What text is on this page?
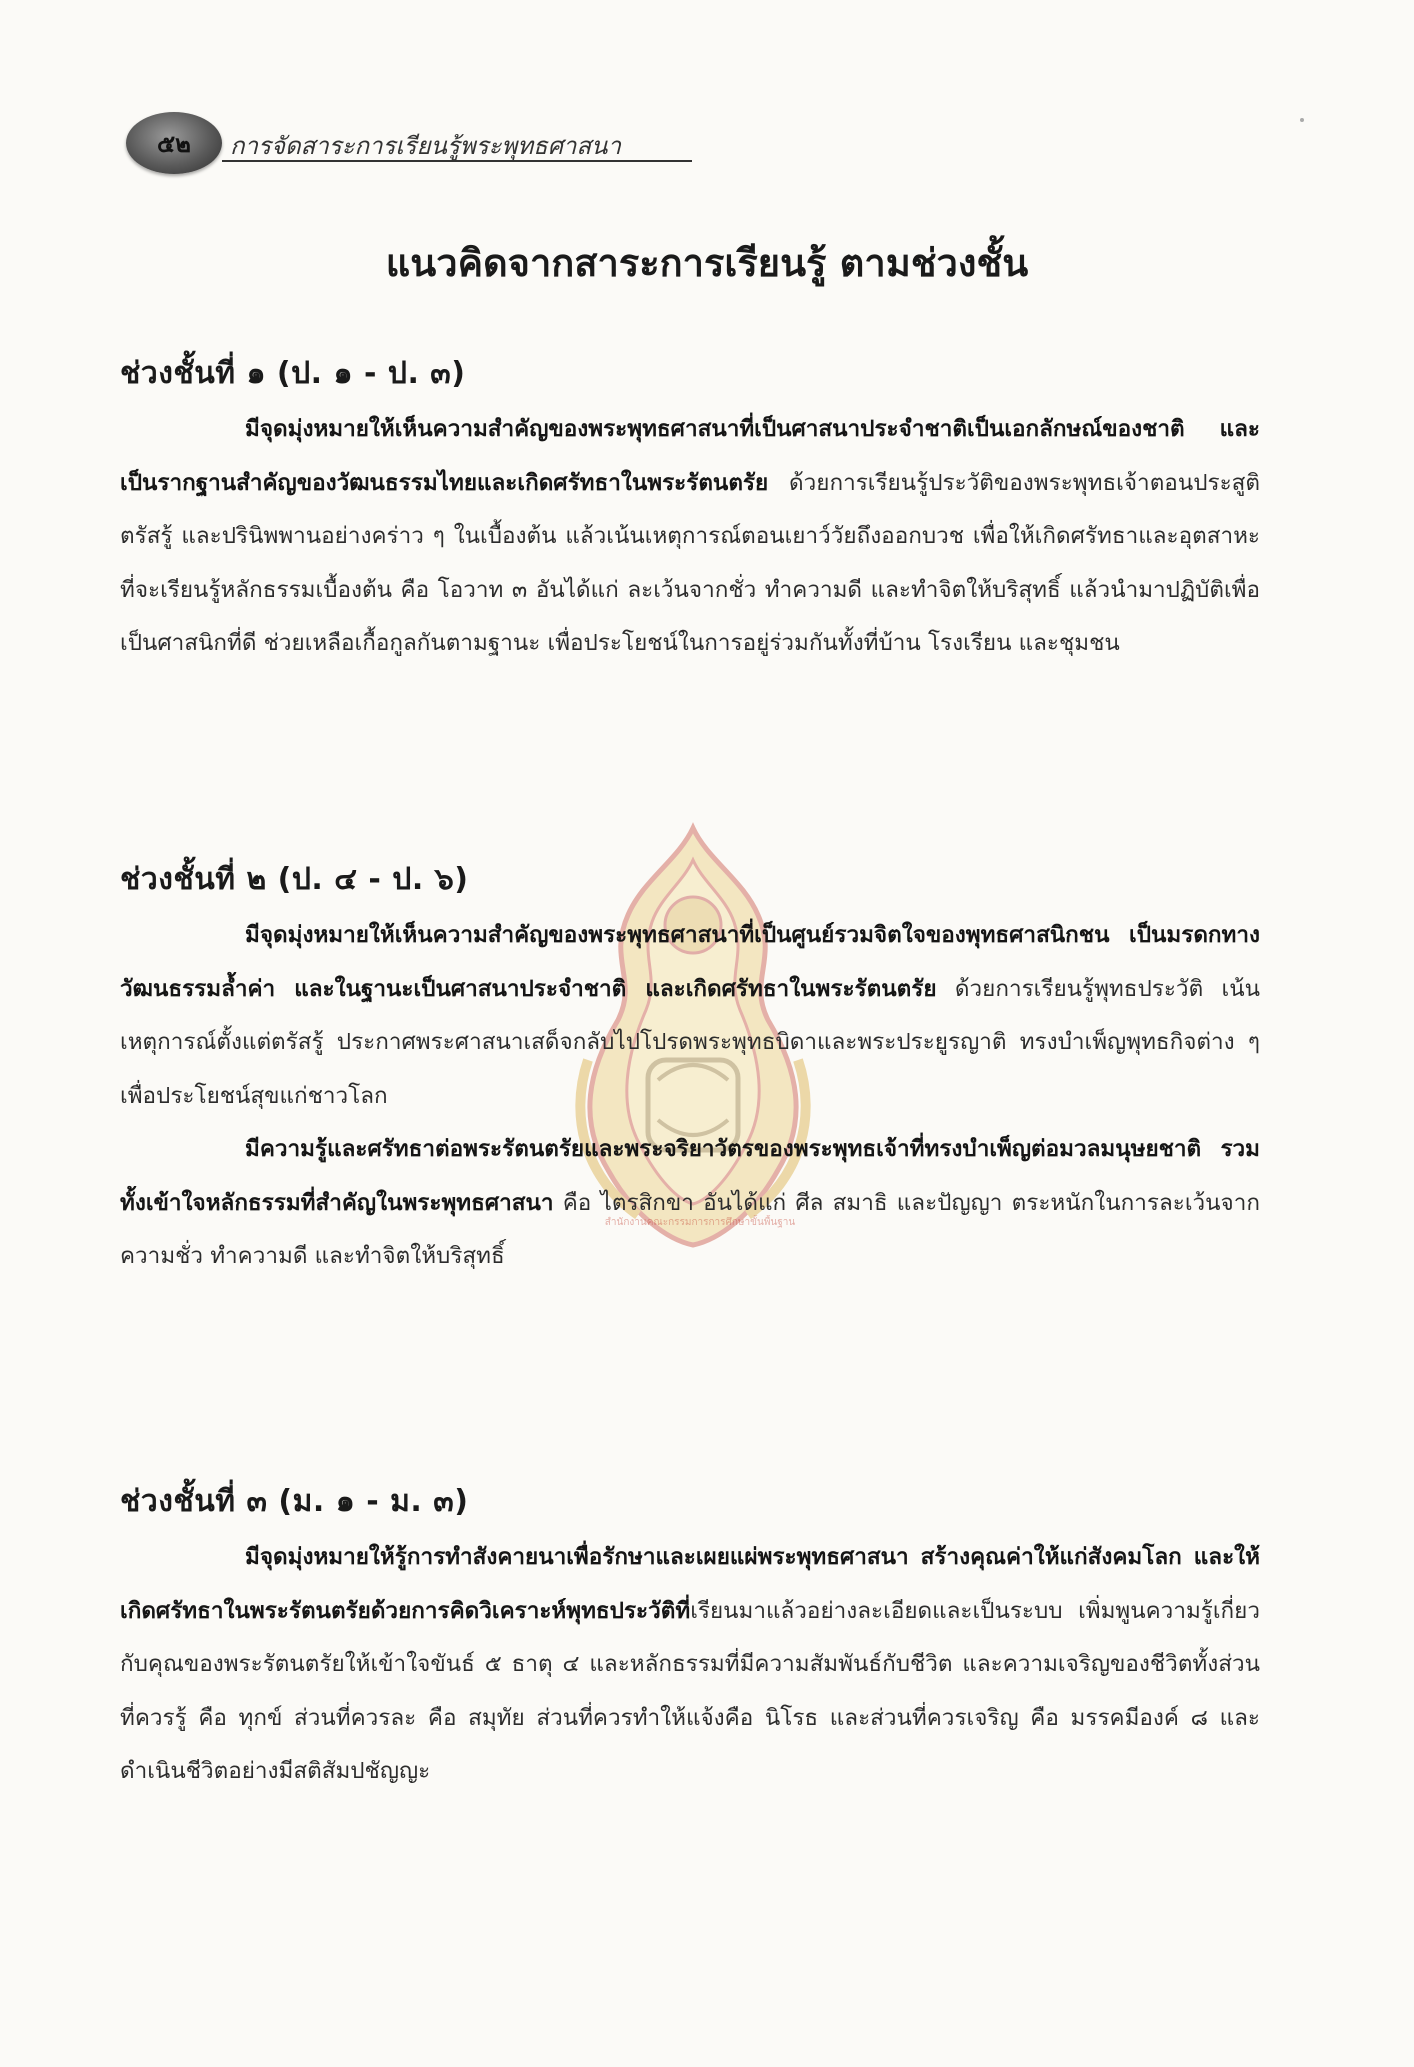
๕๒ การจัดสาระการเรียนรู้พระพุทธศาสนา
แนวคิดจากสาระการเรียนรู้ ตามช่วงชั้น
สำนักงานคณะกรรมการการศึกษาขั้นพื้นฐาน
ช่วงชั้นที่ ๑ (ป. ๑ - ป. ๓)

มีจุดมุ่งหมายให้เห็นความสำคัญของพระพุทธศาสนาที่เป็นศาสนาประจำชาติเป็นเอกลักษณ์ของชาติ และเป็นรากฐานสำคัญของวัฒนธรรมไทยและเกิดศรัทธาในพระรัตนตรัย ด้วยการเรียนรู้ประวัติของพระพุทธเจ้าตอนประสูติ ตรัสรู้ และปรินิพพานอย่างคร่าว ๆ ในเบื้องต้น แล้วเน้นเหตุการณ์ตอนเยาว์วัยถึงออกบวช เพื่อให้เกิดศรัทธาและอุตสาหะที่จะเรียนรู้หลักธรรมเบื้องต้น คือ โอวาท ๓ อันได้แก่ ละเว้นจากชั่ว ทำความดี และทำจิตให้บริสุทธิ์ แล้วนำมาปฏิบัติเพื่อเป็นศาสนิกที่ดี ช่วยเหลือเกื้อกูลกันตามฐานะ เพื่อประโยชน์ในการอยู่ร่วมกันทั้งที่บ้าน โรงเรียน และชุมชน

ช่วงชั้นที่ ๒ (ป. ๔ - ป. ๖)

มีจุดมุ่งหมายให้เห็นความสำคัญของพระพุทธศาสนาที่เป็นศูนย์รวมจิตใจของพุทธศาสนิกชน เป็นมรดกทางวัฒนธรรมล้ำค่า และในฐานะเป็นศาสนาประจำชาติ และเกิดศรัทธาในพระรัตนตรัย ด้วยการเรียนรู้พุทธประวัติ เน้นเหตุการณ์ตั้งแต่ตรัสรู้ ประกาศพระศาสนาเสด็จกลับไปโปรดพระพุทธบิดาและพระประยูรญาติ ทรงบำเพ็ญพุทธกิจต่าง ๆ เพื่อประโยชน์สุขแก่ชาวโลก

มีความรู้และศรัทธาต่อพระรัตนตรัยและพระจริยาวัตรของพระพุทธเจ้าที่ทรงบำเพ็ญต่อมวลมนุษยชาติ รวมทั้งเข้าใจหลักธรรมที่สำคัญในพระพุทธศาสนา คือ ไตรสิกขา อันได้แก่ ศีล สมาธิ และปัญญา ตระหนักในการละเว้นจากความชั่ว ทำความดี และทำจิตให้บริสุทธิ์

ช่วงชั้นที่ ๓ (ม. ๑ - ม. ๓)

มีจุดมุ่งหมายให้รู้การทำสังคายนาเพื่อรักษาและเผยแผ่พระพุทธศาสนา สร้างคุณค่าให้แก่สังคมโลก และให้เกิดศรัทธาในพระรัตนตรัยด้วยการคิดวิเคราะห์พุทธประวัติที่เรียนมาแล้วอย่างละเอียดและเป็นระบบ เพิ่มพูนความรู้เกี่ยวกับคุณของพระรัตนตรัยให้เข้าใจขันธ์ ๕ ธาตุ ๔ และหลักธรรมที่มีความสัมพันธ์กับชีวิต และความเจริญของชีวิตทั้งส่วนที่ควรรู้ คือ ทุกข์ ส่วนที่ควรละ คือ สมุทัย ส่วนที่ควรทำให้แจ้งคือ นิโรธ และส่วนที่ควรเจริญ คือ มรรคมีองค์ ๘ และดำเนินชีวิตอย่างมีสติสัมปชัญญะ
